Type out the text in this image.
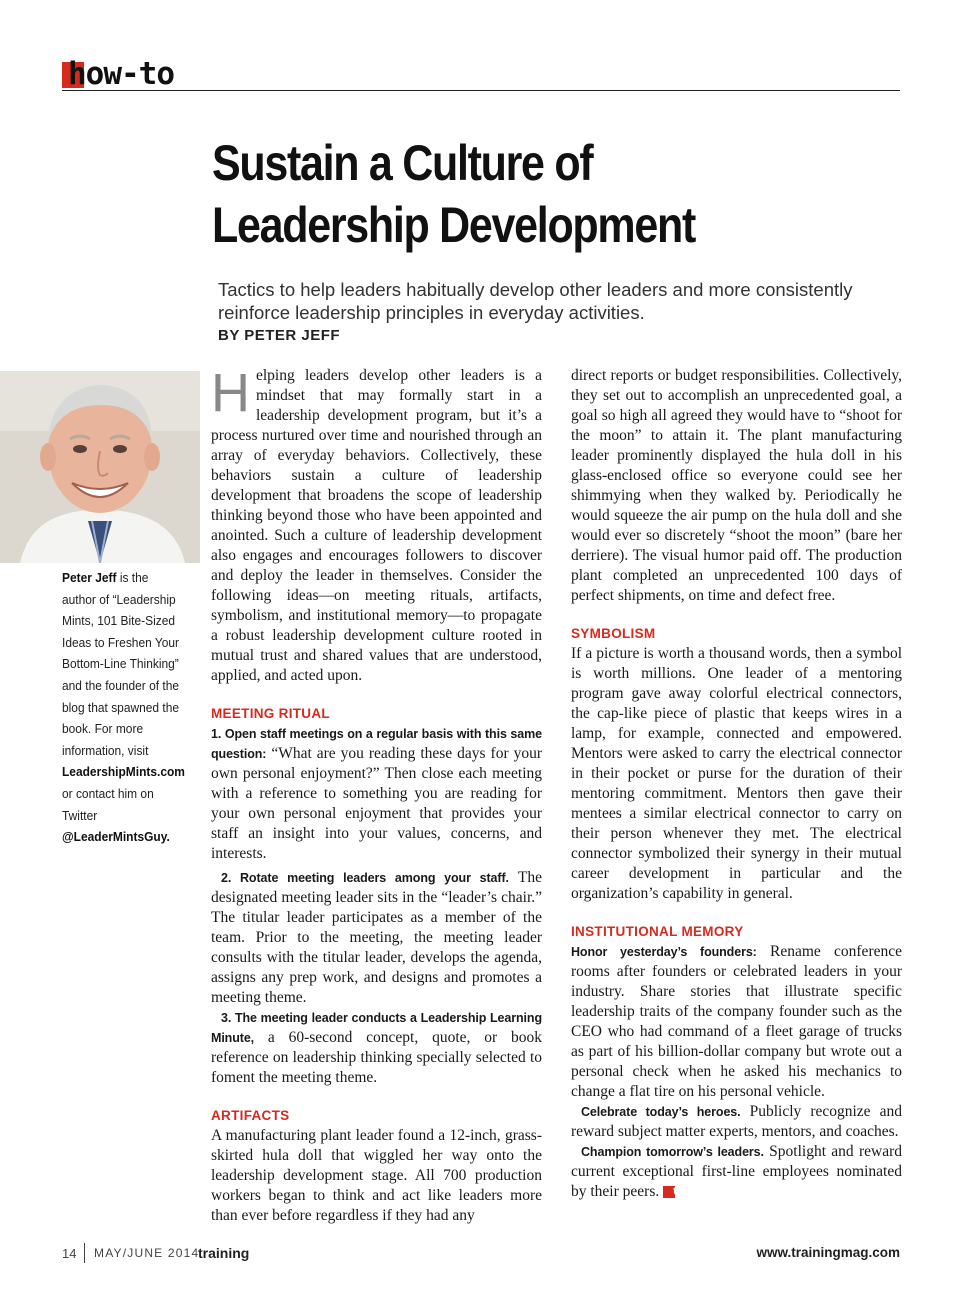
how-to
Sustain a Culture of
Leadership Development
Tactics to help leaders habitually develop other leaders and more consistently reinforce leadership principles in everyday activities.
BY PETER JEFF
Peter Jeff is the author of “Leadership Mints, 101 Bite-Sized Ideas to Freshen Your Bottom-Line Thinking” and the founder of the blog that spawned the book. For more information, visit LeadershipMints.com or contact him on Twitter @LeaderMintsGuy.

Helping leaders develop other leaders is a mindset that may formally start in a leadership development program, but it’s a process nurtured over time and nourished through an array of everyday behaviors. Collectively, these behaviors sustain a culture of leadership development that broadens the scope of leadership thinking beyond those who have been appointed and anointed. Such a culture of leadership development also engages and encourages followers to discover and deploy the leader in themselves. Consider the following ideas—on meeting rituals, artifacts, symbolism, and institutional memory—to propagate a robust leadership development culture rooted in mutual trust and shared values that are understood, applied, and acted upon.

MEETING RITUAL

1. Open staff meetings on a regular basis with this same question: “What are you reading these days for your own personal enjoyment?” Then close each meeting with a reference to something you are reading for your own personal enjoyment that provides your staff an insight into your values, concerns, and interests.

2. Rotate meeting leaders among your staff. The designated meeting leader sits in the “leader’s chair.” The titular leader participates as a member of the team. Prior to the meeting, the meeting leader consults with the titular leader, develops the agenda, assigns any prep work, and designs and promotes a meeting theme.

3. The meeting leader conducts a Leadership Learning Minute, a 60-second concept, quote, or book reference on leadership thinking specially selected to foment the meeting theme.

ARTIFACTS

A manufacturing plant leader found a 12-inch, grass-skirted hula doll that wiggled her way onto the leadership development stage. All 700 production workers began to think and act like leaders more than ever before regardless if they had any

direct reports or budget responsibilities. Collectively, they set out to accomplish an unprecedented goal, a goal so high all agreed they would have to “shoot for the moon” to attain it. The plant manufacturing leader prominently displayed the hula doll in his glass-enclosed office so everyone could see her shimmying when they walked by. Periodically he would squeeze the air pump on the hula doll and she would ever so discretely “shoot the moon” (bare her derriere). The visual humor paid off. The production plant completed an unprecedented 100 days of perfect shipments, on time and defect free.

SYMBOLISM

If a picture is worth a thousand words, then a symbol is worth millions. One leader of a mentoring program gave away colorful electrical connectors, the cap-like piece of plastic that keeps wires in a lamp, for example, connected and empowered. Mentors were asked to carry the electrical connector in their pocket or purse for the duration of their mentoring commitment. Mentors then gave their mentees a similar electrical connector to carry on their person whenever they met. The electrical connector symbolized their synergy in their mutual career development in particular and the organization’s capability in general.

INSTITUTIONAL MEMORY

Honor yesterday’s founders: Rename conference rooms after founders or celebrated leaders in your industry. Share stories that illustrate specific leadership traits of the company founder such as the CEO who had command of a fleet garage of trucks as part of his billion-dollar company but wrote out a personal check when he asked his mechanics to change a flat tire on his personal vehicle.

Celebrate today’s heroes. Publicly recognize and reward subject matter experts, mentors, and coaches.

Champion tomorrow’s leaders. Spotlight and reward current exceptional first-line employees nominated by their peers. t

14 MAY/JUNE 2014
training	www.trainingmag.com
